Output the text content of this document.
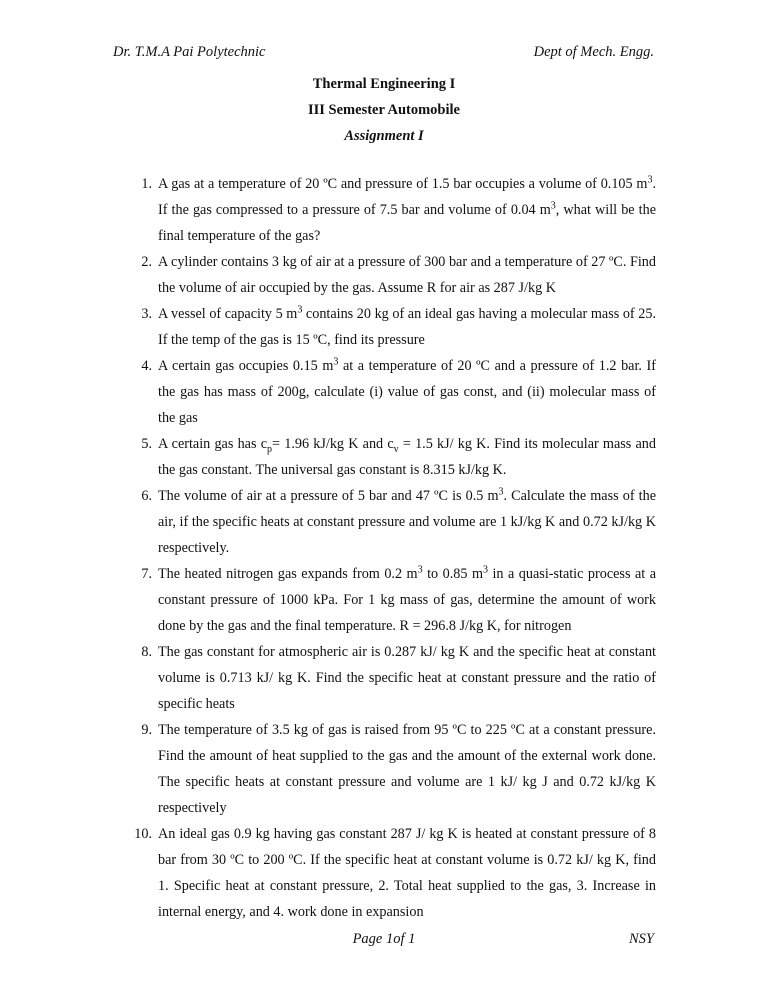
Dr. T.M.A Pai Polytechnic	Dept of Mech. Engg.
Thermal Engineering I
III Semester Automobile
Assignment I
1. A gas at a temperature of 20 ºC and pressure of 1.5 bar occupies a volume of 0.105 $m^3$. If the gas compressed to a pressure of 7.5 bar and volume of 0.04 $m^3$, what will be the final temperature of the gas?
2. A cylinder contains 3 kg of air at a pressure of 300 bar and a temperature of 27 ºC. Find the volume of air occupied by the gas. Assume R for air as 287 J/kg K
3. A vessel of capacity 5 $m^3$ contains 20 kg of an ideal gas having a molecular mass of 25. If the temp of the gas is 15 ºC, find its pressure
4. A certain gas occupies 0.15 $m^3$ at a temperature of 20 ºC and a pressure of 1.2 bar. If the gas has mass of 200g, calculate (i) value of gas const, and (ii) molecular mass of the gas
5. A certain gas has $c_p= 1.96$ kJ/kg K and $c_v = 1.5$ kJ/ kg K. Find its molecular mass and the gas constant. The universal gas constant is 8.315 kJ/kg K.
6. The volume of air at a pressure of 5 bar and 47 ºC is 0.5 $m^3$. Calculate the mass of the air, if the specific heats at constant pressure and volume are 1 kJ/kg K and 0.72 kJ/kg K respectively.
7. The heated nitrogen gas expands from 0.2 $m^3$ to 0.85 $m^3$ in a quasi-static process at a constant pressure of 1000 kPa. For 1 kg mass of gas, determine the amount of work done by the gas and the final temperature. R = 296.8 J/kg K, for nitrogen
8. The gas constant for atmospheric air is 0.287 kJ/ kg K and the specific heat at constant volume is 0.713 kJ/ kg K. Find the specific heat at constant pressure and the ratio of specific heats
9. The temperature of 3.5 kg of gas is raised from 95 ºC to 225 ºC at a constant pressure. Find the amount of heat supplied to the gas and the amount of the external work done. The specific heats at constant pressure and volume are 1 kJ/ kg J and 0.72 kJ/kg K respectively
10. An ideal gas 0.9 kg having gas constant 287 J/ kg K is heated at constant pressure of 8 bar from 30 ºC to 200 ºC. If the specific heat at constant volume is 0.72 kJ/ kg K, find 1. Specific heat at constant pressure, 2. Total heat supplied to the gas, 3. Increase in internal energy, and 4. work done in expansion
Page 1of 1	NSY
